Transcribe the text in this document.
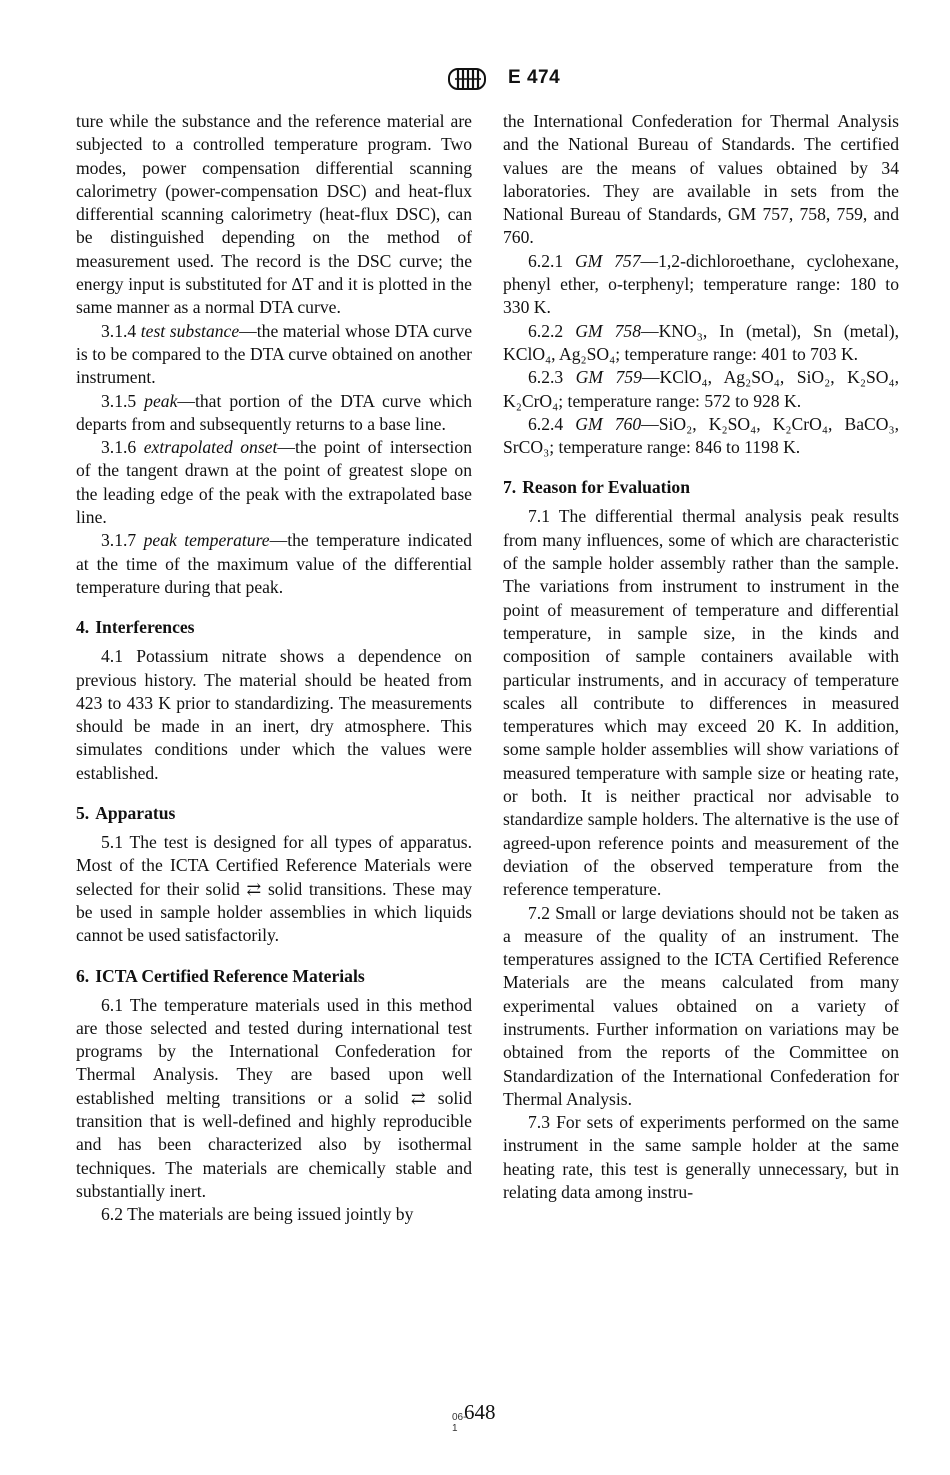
E 474

ture while the substance and the reference material are subjected to a controlled temperature program. Two modes, power compensation differential scanning calorimetry (power-compensation DSC) and heat-flux differential scanning calorimetry (heat-flux DSC), can be distinguished depending on the method of measurement used. The record is the DSC curve; the energy input is substituted for ΔT and it is plotted in the same manner as a normal DTA curve.

3.1.4 test substance—the material whose DTA curve is to be compared to the DTA curve obtained on another instrument.

3.1.5 peak—that portion of the DTA curve which departs from and subsequently returns to a base line.

3.1.6 extrapolated onset—the point of intersection of the tangent drawn at the point of greatest slope on the leading edge of the peak with the extrapolated base line.

3.1.7 peak temperature—the temperature indicated at the time of the maximum value of the differential temperature during that peak.

4. Interferences

4.1 Potassium nitrate shows a dependence on previous history. The material should be heated from 423 to 433 K prior to standardizing. The measurements should be made in an inert, dry atmosphere. This simulates conditions under which the values were established.

5. Apparatus

5.1 The test is designed for all types of apparatus. Most of the ICTA Certified Reference Materials were selected for their solid ⇄ solid transitions. These may be used in sample holder assemblies in which liquids cannot be used satisfactorily.

6. ICTA Certified Reference Materials

6.1 The temperature materials used in this method are those selected and tested during international test programs by the International Confederation for Thermal Analysis. They are based upon well established melting transitions or a solid ⇄ solid transition that is well-defined and highly reproducible and has been characterized also by isothermal techniques. The materials are chemically stable and substantially inert.

6.2 The materials are being issued jointly by

the International Confederation for Thermal Analysis and the National Bureau of Standards. The certified values are the means of values obtained by 34 laboratories. They are available in sets from the National Bureau of Standards, GM 757, 758, 759, and 760.

6.2.1 GM 757—1,2-dichloroethane, cyclohexane, phenyl ether, o-terphenyl; temperature range: 180 to 330 K.

6.2.2 GM 758—KNO₃, In (metal), Sn (metal), KClO₄, Ag₂SO₄; temperature range: 401 to 703 K.

6.2.3 GM 759—KClO₄, Ag₂SO₄, SiO₂, K₂SO₄, K₂CrO₄; temperature range: 572 to 928 K.

6.2.4 GM 760—SiO₂, K₂SO₄, K₂CrO₄, BaCO₃, SrCO₃; temperature range: 846 to 1198 K.

7. Reason for Evaluation

7.1 The differential thermal analysis peak results from many influences, some of which are characteristic of the sample holder assembly rather than the sample. The variations from instrument to instrument in the point of measurement of temperature and differential temperature, in sample size, in the kinds and composition of sample containers available with particular instruments, and in accuracy of temperature scales all contribute to differences in measured temperatures which may exceed 20 K. In addition, some sample holder assemblies will show variations of measured temperature with sample size or heating rate, or both. It is neither practical nor advisable to standardize sample holders. The alternative is the use of agreed-upon reference points and measurement of the deviation of the observed temperature from the reference temperature.

7.2 Small or large deviations should not be taken as a measure of the quality of an instrument. The temperatures assigned to the ICTA Certified Reference Materials are the means calculated from many experimental values obtained on a variety of instruments. Further information on variations may be obtained from the reports of the Committee on Standardization of the International Confederation for Thermal Analysis.

7.3 For sets of experiments performed on the same instrument in the same sample holder at the same heating rate, this test is generally unnecessary, but in relating data among instru-

06-1
648
